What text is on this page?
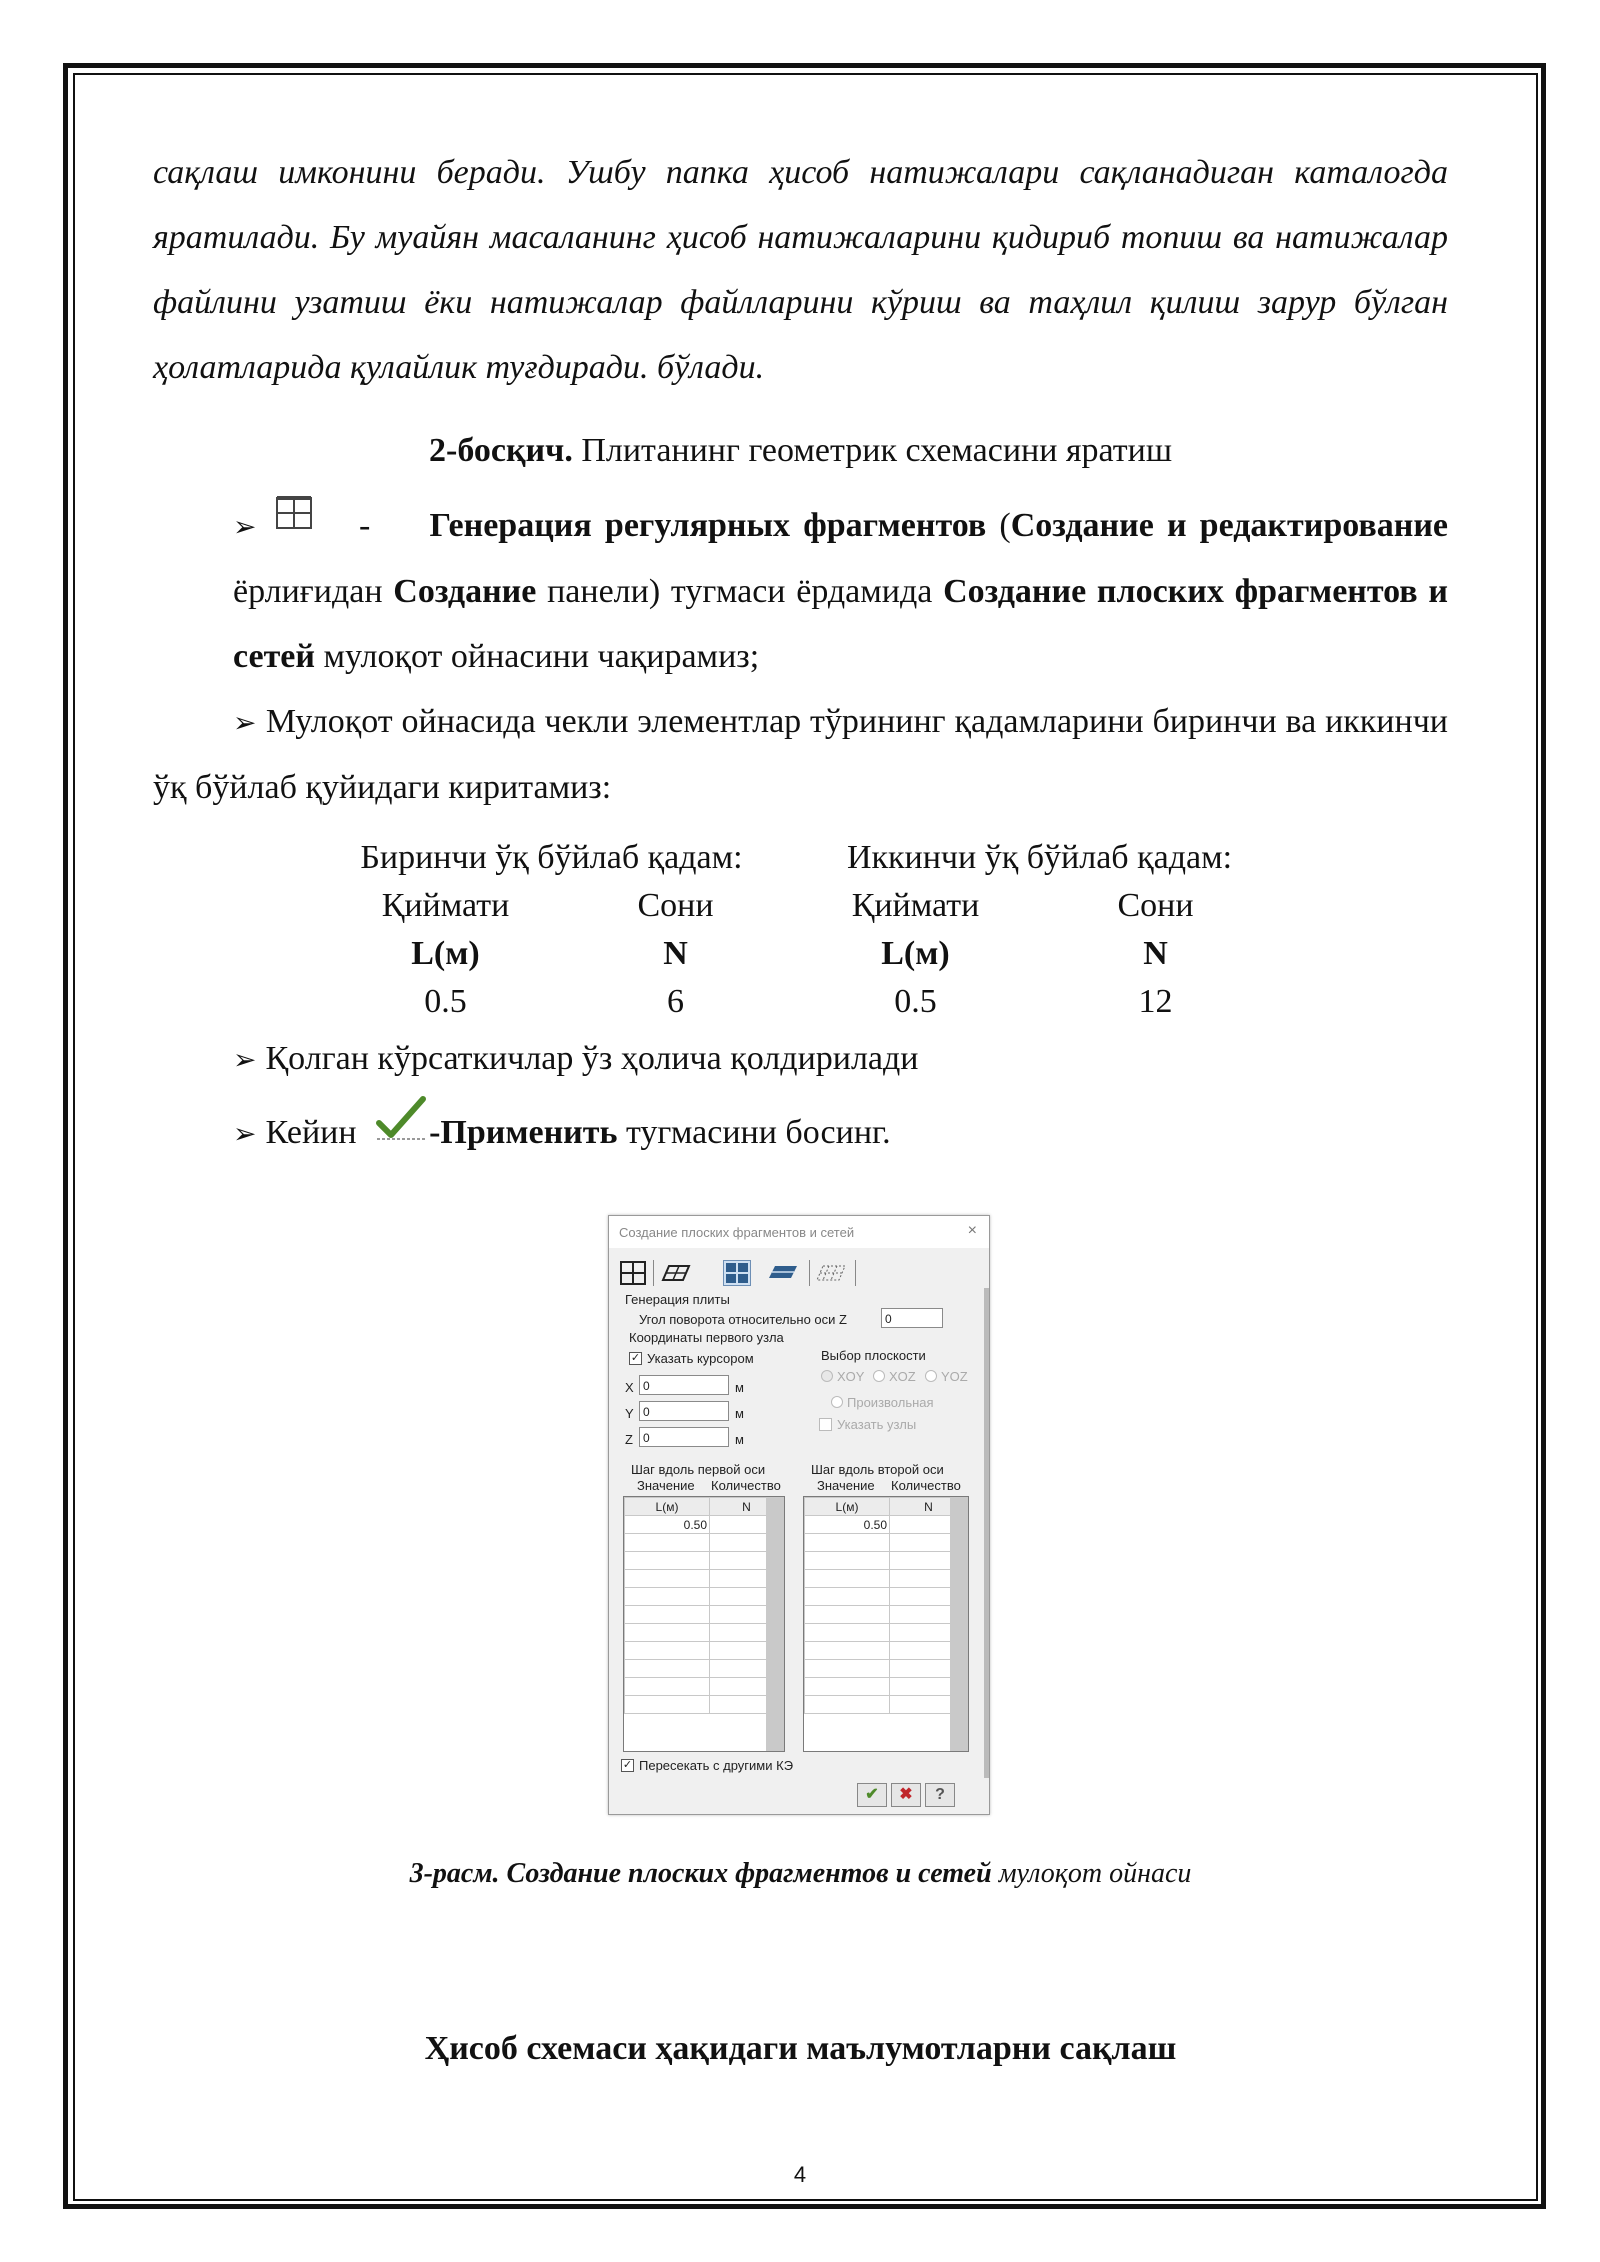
сақлаш имконини беради. Ушбу папка ҳисоб натижалари сақланадиган каталогда яратилади. Бу муайян масаланинг ҳисоб натижаларини қидириб топиш ва натижалар файлини узатиш ёки натижалар файлларини кўриш ва таҳлил қилиш зарур бўлган ҳолатларида қулайлик туғдиради. бўлади.

2-босқич. Плитанинг геометрик схемасини яратиш

➢	- Генерация регулярных фрагментов (Создание и редактирование ёрлиғидан Создание панели) тугмаси ёрдамида Создание плоских фрагментов и сетей мулоқот ойнасини чақирамиз;

➢ Мулоқот ойнасида чекли элементлар тўрининг қадамларини биринчи ва иккинчи ўқ бўйлаб қуйидаги киритамиз:

Биринчи ўқ бўйлаб қадам:		Иккинчи ўқ бўйлаб қадам:	
Қиймати	Сони	Қиймати	Сони
L(м)	N	L(м)	N
0.5	6	0.5	12

➢ Қолган кўрсаткичлар ўз ҳолича қолдирилади

➢ Кейин
-Применить тугмасини босинг.

Создание плоских фрагментов и сетей	×
Генерация плиты
Угол поворота относительно оси Z	0
Координаты первого узла
✓ Указать курсором
X 0	м
Y 0	м
Z 0	м
Выбор плоскости
XOY XOZ YOZ
Произвольная
Указать узлы
Шаг вдоль первой оси
Значение Количество
Шаг вдоль второй оси
Значение Количество
L(м)	N
0.50	

L(м)	N
0.50	

✓ Пересекать с другими КЭ
✔	✖	?
3-расм. Создание плоских фрагментов и сетей мулоқот ойнаси
Ҳисоб схемаси ҳақидаги маълумотларни сақлаш
4
